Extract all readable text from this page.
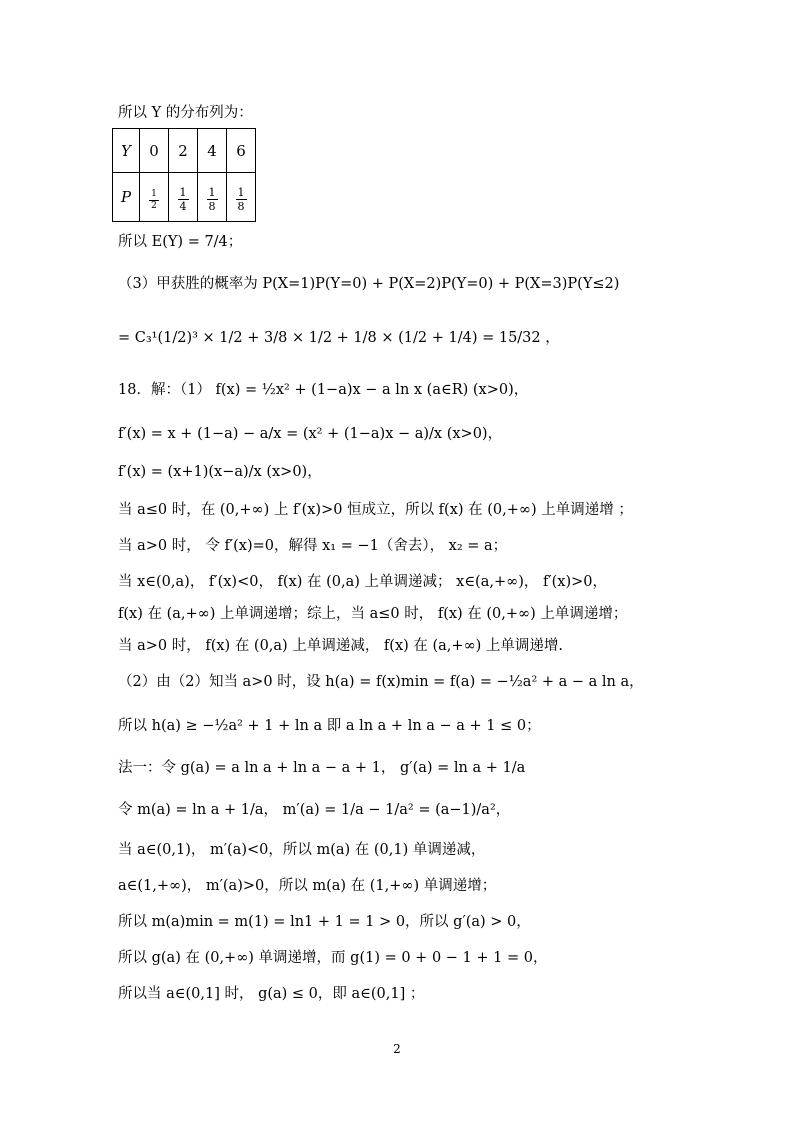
所以 Y 的分布列为：
所以 E(Y) = 7/4；
（3）甲获胜的概率为 P(X=1)P(Y=0) + P(X=2)P(Y=0) + P(X=3)P(Y≤2)
= C₃¹(1/2)³ × 1/2 + 3/8 × 1/2 + 1/8 × (1/2 + 1/4) = 15/32 ，
18．解：（1） f(x) = ½x² + (1−a)x − a ln x (a∈R) (x>0)，
f′(x) = x + (1−a) − a/x = (x² + (1−a)x − a)/x (x>0)，
f′(x) = (x+1)(x−a)/x (x>0)，
当 a≤0 时，在 (0,+∞) 上 f′(x)>0 恒成立，所以 f(x) 在 (0,+∞) 上单调递增 ；
当 a>0 时， 令 f′(x)=0，解得 x₁ = −1（舍去）， x₂ = a；
当 x∈(0,a)， f′(x)<0， f(x) 在 (0,a) 上单调递减； x∈(a,+∞)， f′(x)>0，
f(x) 在 (a,+∞) 上单调递增；综上，当 a≤0 时， f(x) 在 (0,+∞) 上单调递增；
当 a>0 时， f(x) 在 (0,a) 上单调递减， f(x) 在 (a,+∞) 上单调递增.
（2）由（2）知当 a>0 时，设 h(a) = f(x)min = f(a) = −½a² + a − a ln a，
所以 h(a) ≥ −½a² + 1 + ln a 即 a ln a + ln a − a + 1 ≤ 0；
法一：令 g(a) = a ln a + ln a − a + 1， g′(a) = ln a + 1/a
令 m(a) = ln a + 1/a， m′(a) = 1/a − 1/a² = (a−1)/a²，
当 a∈(0,1)， m′(a)<0，所以 m(a) 在 (0,1) 单调递减，
a∈(1,+∞)， m′(a)>0，所以 m(a) 在 (1,+∞) 单调递增；
所以 m(a)min = m(1) = ln1 + 1 = 1 > 0，所以 g′(a) > 0，
所以 g(a) 在 (0,+∞) 单调递增，而 g(1) = 0 + 0 − 1 + 1 = 0，
所以当 a∈(0,1] 时， g(a) ≤ 0，即 a∈(0,1] ；
Y	0	2	4	6
P	$\frac{1}{2}$	$\frac{1}{4}$	$\frac{1}{8}$	$\frac{1}{8}$
2
